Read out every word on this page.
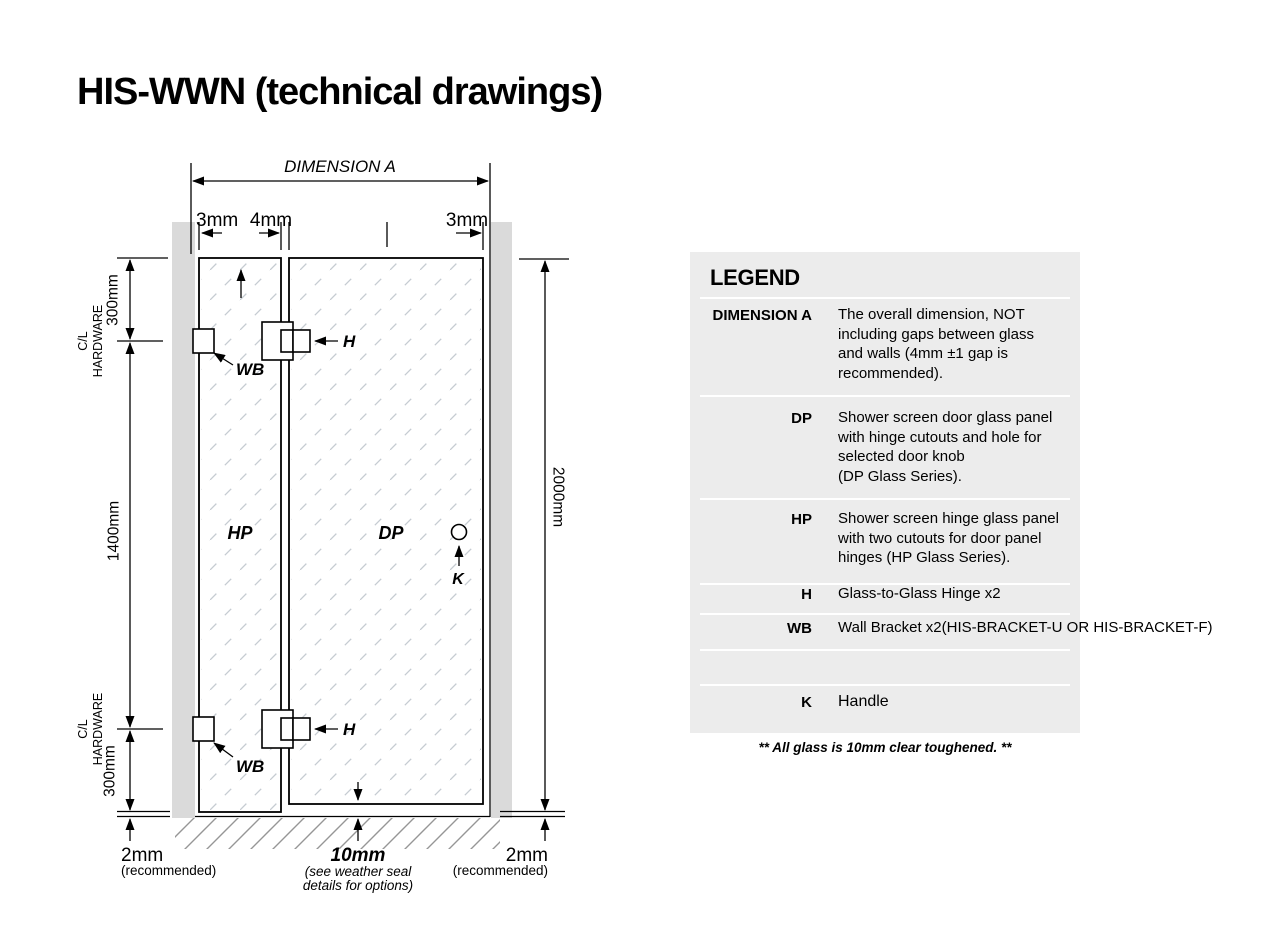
HIS-WWN (technical drawings)
HP	DP
DIMENSION A
3mm 4mm	3mm
300mm
C/L HARDWARE
1400mm
C/L HARDWARE
300mm
2mm
(recommended)
2000mm
2mm
(recommended)
10mm
(see weather seal
details for options)
H
WB
H
WB
K
LEGEND
DIMENSION A The overall dimension, NOT
including gaps between glass
and walls (4mm ±1 gap is
recommended).
DP Shower screen door glass panel
with hinge cutouts and hole for
selected door knob
(DP Glass Series).
HP Shower screen hinge glass panel
with two cutouts for door panel
hinges (HP Glass Series).
H Glass-to-Glass Hinge x2
WB Wall Bracket x2(HIS-BRACKET-U OR HIS-BRACKET-F)
K Handle
** All glass is 10mm clear toughened. **
